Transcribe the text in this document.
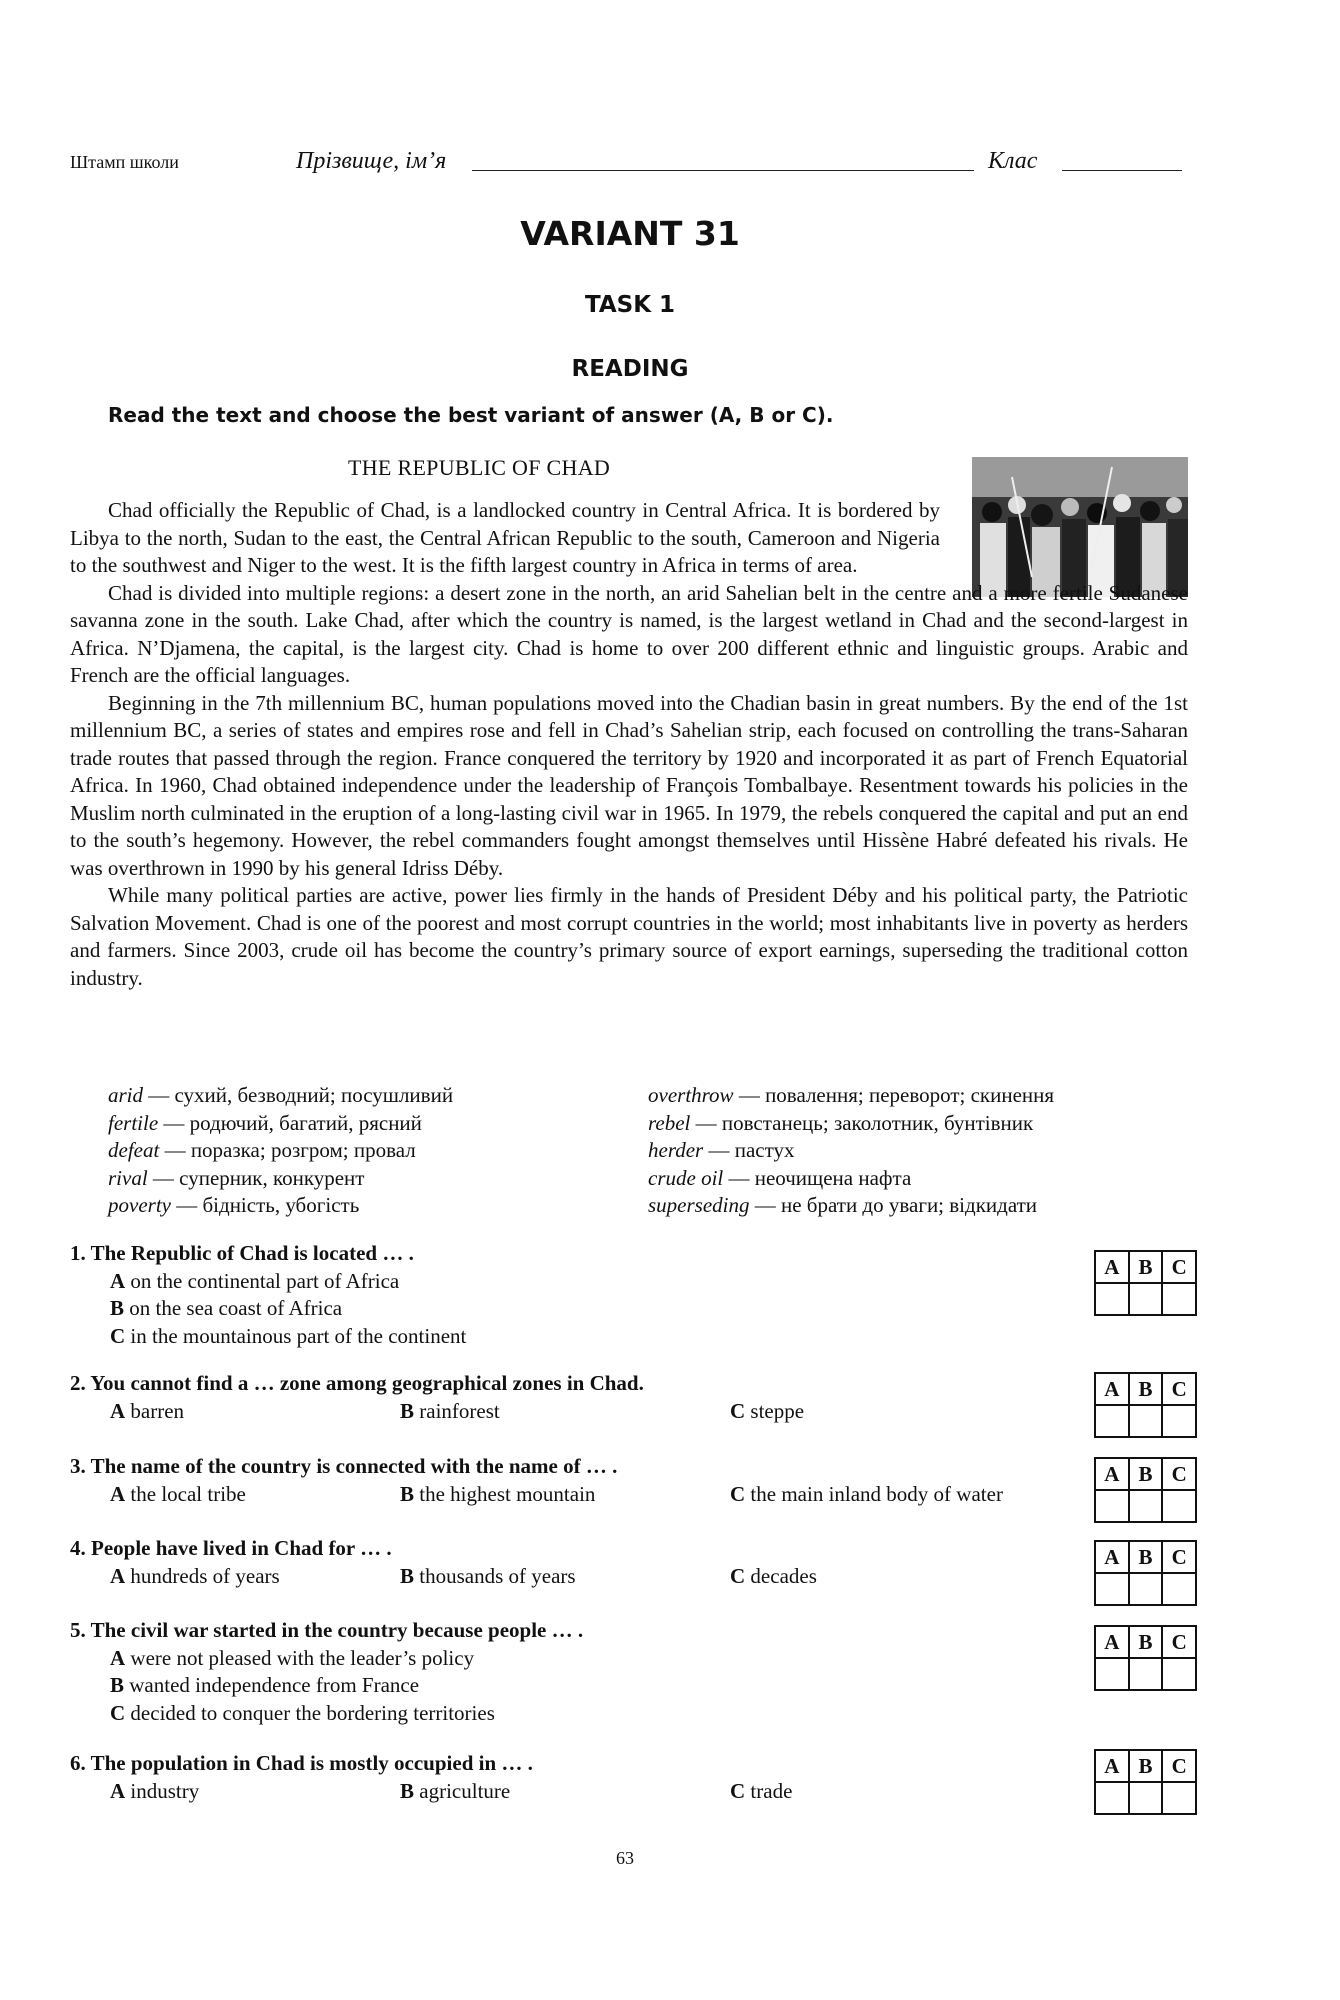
Штамп школи	Прізвище, ім’я	Клас
VARIANT 31
TASK 1
READING
Read the text and choose the best variant of answer (A, B or C).
THE REPUBLIC OF CHAD

Chad officially the Republic of Chad, is a landlocked country in Central Africa. It is bordered by Libya to the north, Sudan to the east, the Central African Republic to the south, Cameroon and Nigeria to the southwest and Niger to the west. It is the fifth largest country in Africa in terms of area.

Chad is divided into multiple regions: a desert zone in the north, an arid Sahelian belt in the centre and a more fertile Sudanese savanna zone in the south. Lake Chad, after which the country is named, is the largest wetland in Chad and the second-largest in Africa. N’Djamena, the capital, is the largest city. Chad is home to over 200 different ethnic and linguistic groups. Arabic and French are the official languages.

Beginning in the 7th millennium BC, human populations moved into the Chadian basin in great numbers. By the end of the 1st millennium BC, a series of states and empires rose and fell in Chad’s Sahelian strip, each focused on controlling the trans-Saharan trade routes that passed through the region. France conquered the territory by 1920 and incorporated it as part of French Equatorial Africa. In 1960, Chad obtained independence under the leadership of François Tombalbaye. Resentment towards his policies in the Muslim north culminated in the eruption of a long-lasting civil war in 1965. In 1979, the rebels conquered the capital and put an end to the south’s hegemony. However, the rebel commanders fought amongst themselves until Hissène Habré defeated his rivals. He was overthrown in 1990 by his general Idriss Déby.

While many political parties are active, power lies firmly in the hands of President Déby and his political party, the Patriotic Salvation Movement. Chad is one of the poorest and most corrupt countries in the world; most inhabitants live in poverty as herders and farmers. Since 2003, crude oil has become the country’s primary source of export earnings, superseding the traditional cotton industry.

arid — сухий, безводний; посушливий
fertile — родючий, багатий, рясний
defeat — поразка; розгром; провал
rival — суперник, конкурент
poverty — бідність, убогість
overthrow — повалення; переворот; скинення
rebel — повстанець; заколотник, бунтівник
herder — пастух
crude oil — неочищена нафта
superseding — не брати до уваги; відкидати
1. The Republic of Chad is located … .
A on the continental part of Africa
B on the sea coast of Africa
C in the mountainous part of the continent
2. You cannot find a … zone among geographical zones in Chad.
A barren	B rainforest	C steppe
3. The name of the country is connected with the name of … .
A the local tribe	B the highest mountain	C the main inland body of water
4. People have lived in Chad for … .
A hundreds of years	B thousands of years	C decades
5. The civil war started in the country because people … .
A were not pleased with the leader’s policy
B wanted independence from France
C decided to conquer the bordering territories
6. The population in Chad is mostly occupied in … .
A industry	B agriculture	C trade
A B C
A B C
A B C
A B C
A B C
A B C
63
